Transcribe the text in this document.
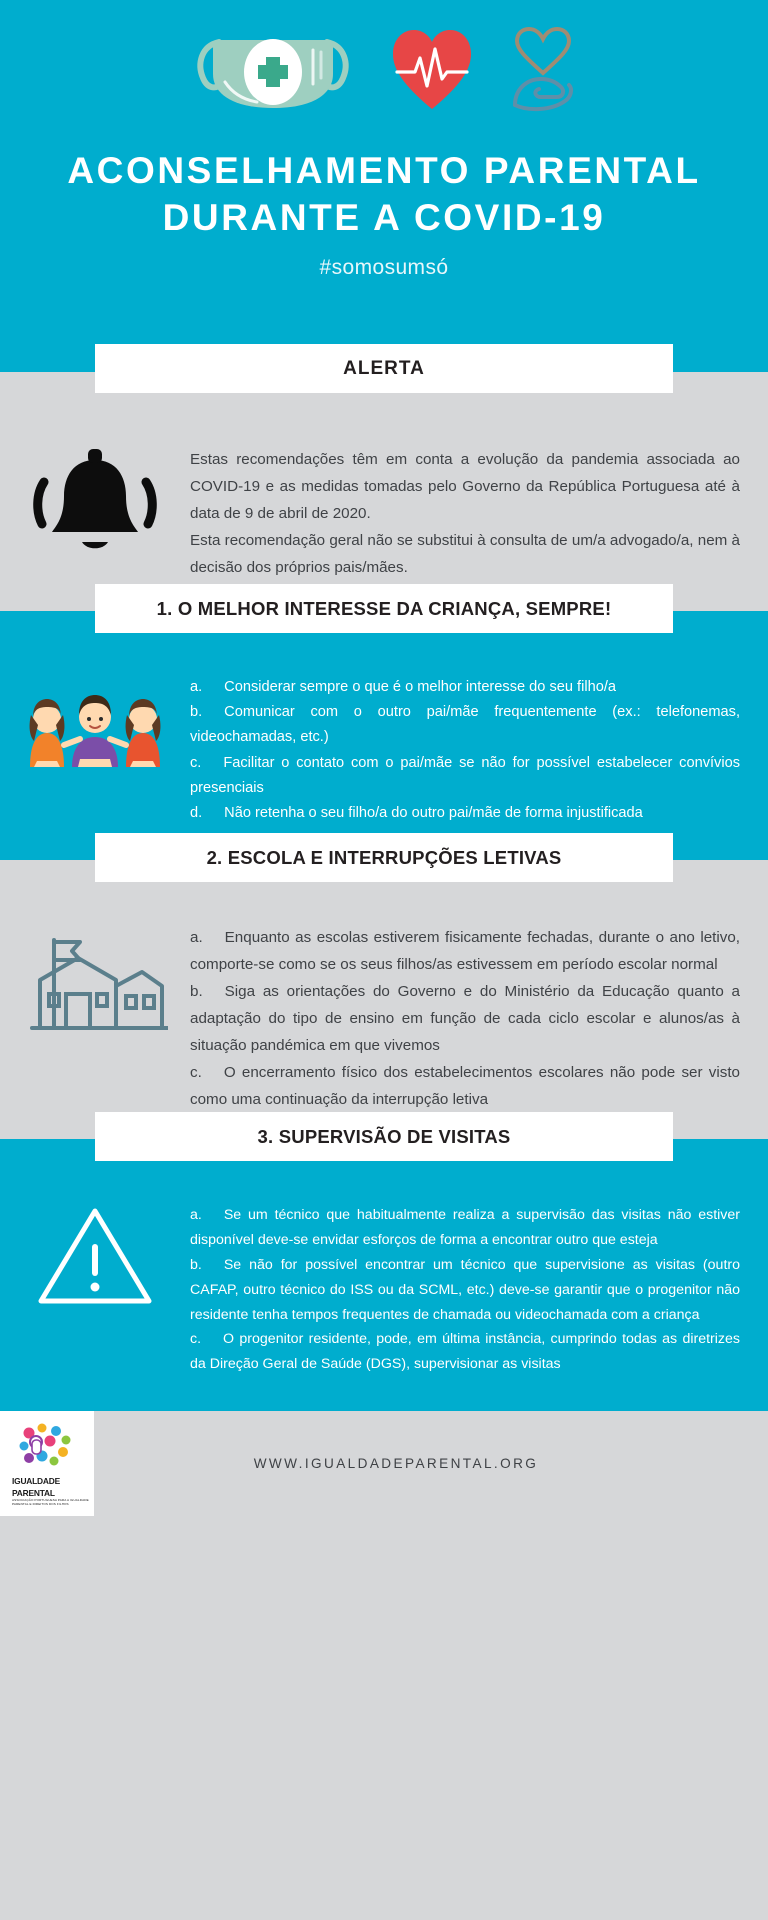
ACONSELHAMENTO PARENTAL DURANTE A COVID-19
#somosumsó
ALERTA

Estas recomendações têm em conta a evolução da pandemia associada ao COVID-19 e as medidas tomadas pelo Governo da República Portuguesa até à data de 9 de abril de 2020.

Esta recomendação geral não se substitui à consulta de um/a advogado/a, nem à decisão dos próprios pais/mães.

1. O MELHOR INTERESSE DA CRIANÇA, SEMPRE!

a. Considerar sempre o que é o melhor interesse do seu filho/a

b. Comunicar com o outro pai/mãe frequentemente (ex.: telefonemas, videochamadas, etc.)

c. Facilitar o contato com o pai/mãe se não for possível estabelecer convívios presenciais

d. Não retenha o seu filho/a do outro pai/mãe de forma injustificada

2. ESCOLA E INTERRUPÇÕES LETIVAS

a. Enquanto as escolas estiverem fisicamente fechadas, durante o ano letivo, comporte-se como se os seus filhos/as estivessem em período escolar normal

b. Siga as orientações do Governo e do Ministério da Educação quanto a adaptação do tipo de ensino em função de cada ciclo escolar e alunos/as à situação pandémica em que vivemos

c. O encerramento físico dos estabelecimentos escolares não pode ser visto como uma continuação da interrupção letiva

3. SUPERVISÃO DE VISITAS

a. Se um técnico que habitualmente realiza a supervisão das visitas não estiver disponível deve-se envidar esforços de forma a encontrar outro que esteja

b. Se não for possível encontrar um técnico que supervisione as visitas (outro CAFAP, outro técnico do ISS ou da SCML, etc.) deve-se garantir que o progenitor não residente tenha tempos frequentes de chamada ou videochamada com a criança

c. O progenitor residente, pode, em última instância, cumprindo todas as diretrizes da Direção Geral de Saúde (DGS), supervisionar as visitas

IGUALDADE
PARENTAL
ASSOCIAÇÃO PORTUGUESA PARA A IGUALDADE PARENTAL E DIREITOS DOS FILHOS
WWW.IGUALDADEPARENTAL.ORG
